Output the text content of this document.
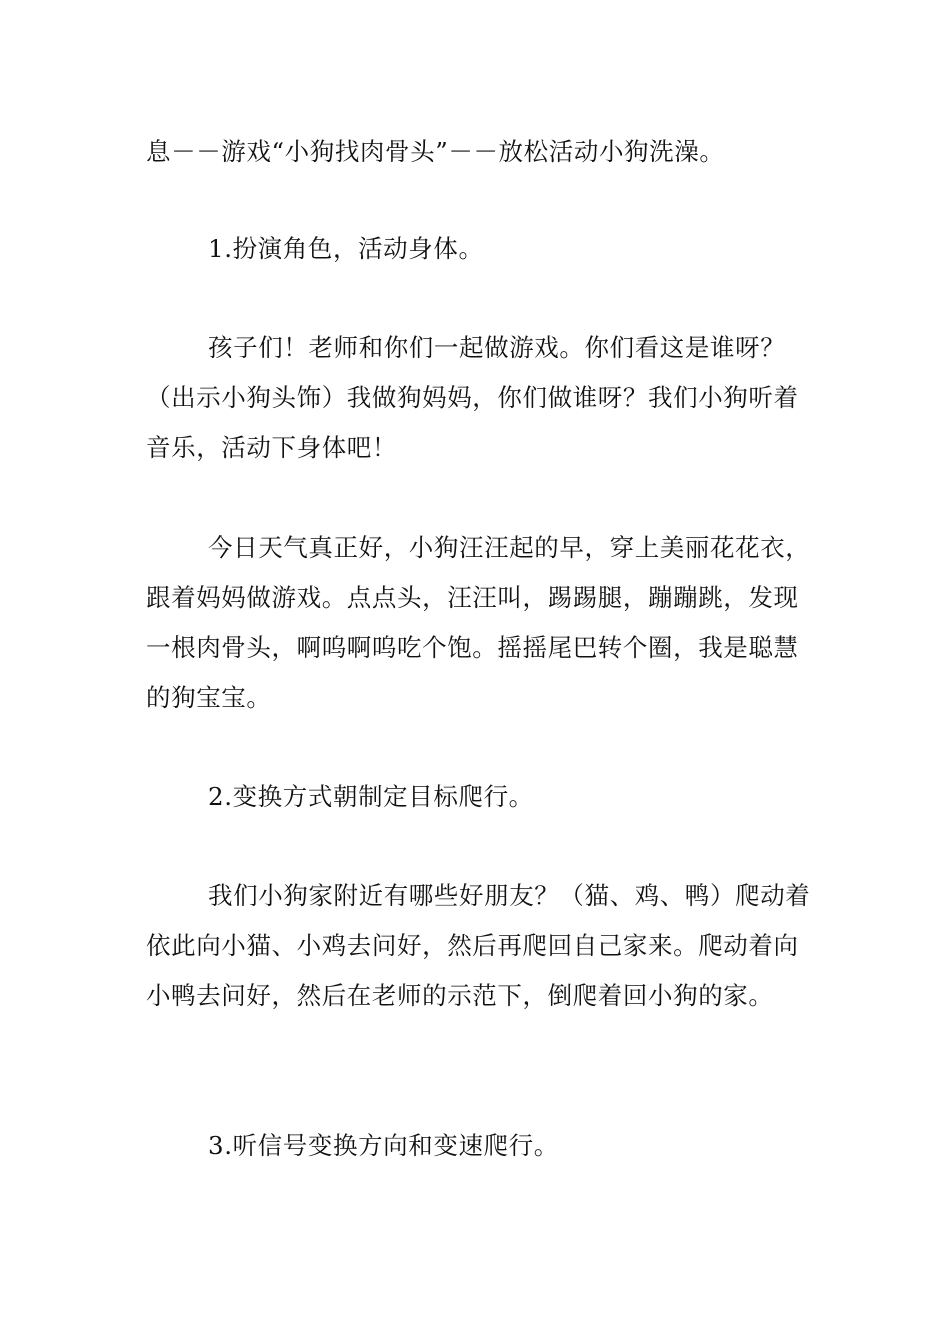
息－－游戏“小狗找肉骨头”－－放松活动小狗洗澡。

1.扮演角色，活动身体。

孩子们！老师和你们一起做游戏。你们看这是谁呀？（出示小狗头饰）我做狗妈妈，你们做谁呀？我们小狗听着音乐，活动下身体吧！

今日天气真正好，小狗汪汪起的早，穿上美丽花花衣，跟着妈妈做游戏。点点头，汪汪叫，踢踢腿，蹦蹦跳，发现一根肉骨头，啊呜啊呜吃个饱。摇摇尾巴转个圈，我是聪慧的狗宝宝。

2.变换方式朝制定目标爬行。

我们小狗家附近有哪些好朋友？（猫、鸡、鸭）爬动着依此向小猫、小鸡去问好，然后再爬回自己家来。爬动着向小鸭去问好，然后在老师的示范下，倒爬着回小狗的家。

3.听信号变换方向和变速爬行。
